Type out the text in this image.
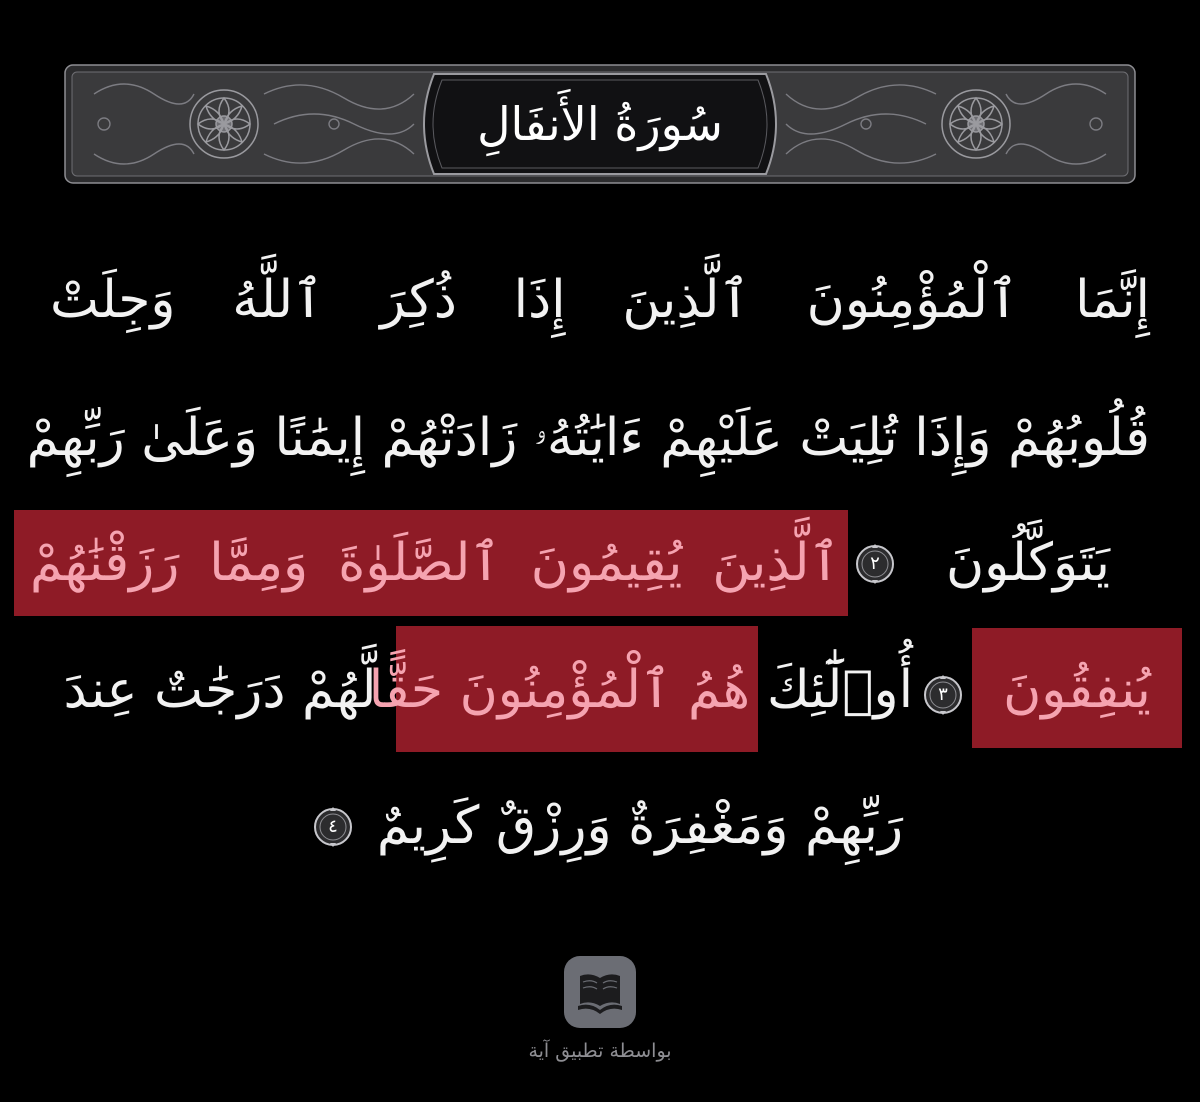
سُورَةُ الأَنفَالِ
إِنَّمَا ٱلْمُؤْمِنُونَ ٱلَّذِينَ إِذَا ذُكِرَ ٱللَّهُ وَجِلَتْ
قُلُوبُهُمْ وَإِذَا تُلِيَتْ عَلَيْهِمْ ءَايَٰتُهُۥ زَادَتْهُمْ إِيمَٰنًا وَعَلَىٰ رَبِّهِمْ
ٱلَّذِينَ يُقِيمُونَ ٱلصَّلَوٰةَ وَمِمَّا رَزَقْنَٰهُمْ	٢	يَتَوَكَّلُونَ
يُنفِقُونَ
٣
أُو۟لَٰٓئِكَ
هُمُ ٱلْمُؤْمِنُونَ حَقًّا
لَّهُمْ دَرَجَٰتٌ عِندَ
رَبِّهِمْ وَمَغْفِرَةٌ وَرِزْقٌ كَرِيمٌ
٤
بواسطة تطبيق آية
